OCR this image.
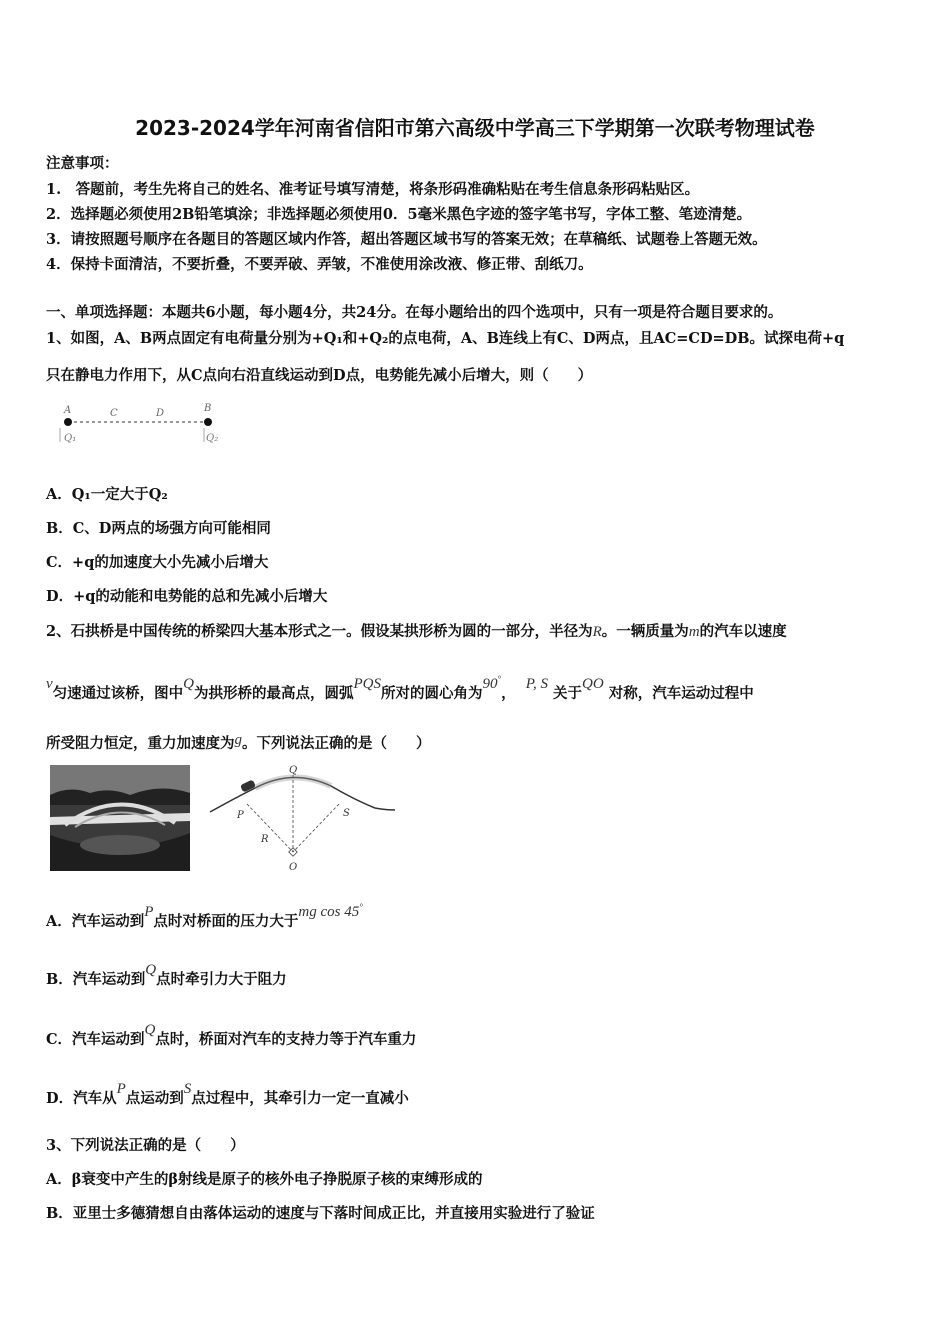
2023-2024学年河南省信阳市第六高级中学高三下学期第一次联考物理试卷
注意事项：
1.　答题前，考生先将自己的姓名、准考证号填写清楚，将条形码准确粘贴在考生信息条形码粘贴区。
2．选择题必须使用2B铅笔填涂；非选择题必须使用0．5毫米黑色字迹的签字笔书写，字体工整、笔迹清楚。
3．请按照题号顺序在各题目的答题区域内作答，超出答题区域书写的答案无效；在草稿纸、试题卷上答题无效。
4．保持卡面清洁，不要折叠，不要弄破、弄皱，不准使用涂改液、修正带、刮纸刀。
一、单项选择题：本题共6小题，每小题4分，共24分。在每小题给出的四个选项中，只有一项是符合题目要求的。
1、如图，A、B两点固定有电荷量分别为+Q₁和+Q₂的点电荷，A、B连线上有C、D两点，且AC=CD=DB。试探电荷+q
只在静电力作用下，从C点向右沿直线运动到D点，电势能先减小后增大，则（　　）
A	C	D	B
Q₁	Q₂
A．Q₁一定大于Q₂
B．C、D两点的场强方向可能相同
C．+q的加速度大小先减小后增大
D．+q的动能和电势能的总和先减小后增大
2、石拱桥是中国传统的桥梁四大基本形式之一。假设某拱形桥为圆的一部分，半径为R。一辆质量为m的汽车以速度
v匀速通过该桥，图中Q为拱形桥的最高点，圆弧PQS所对的圆心角为90°，  P, S 关于QO 对称，汽车运动过程中
所受阻力恒定，重力加速度为g。下列说法正确的是（　　）
Q
P	S
R
O
A．汽车运动到P点时对桥面的压力大于mg cos 45°
B．汽车运动到Q点时牵引力大于阻力
C．汽车运动到Q点时，桥面对汽车的支持力等于汽车重力
D．汽车从P点运动到S点过程中，其牵引力一定一直减小
3、下列说法正确的是（　　）
A．β衰变中产生的β射线是原子的核外电子挣脱原子核的束缚形成的
B．亚里士多德猜想自由落体运动的速度与下落时间成正比，并直接用实验进行了验证
